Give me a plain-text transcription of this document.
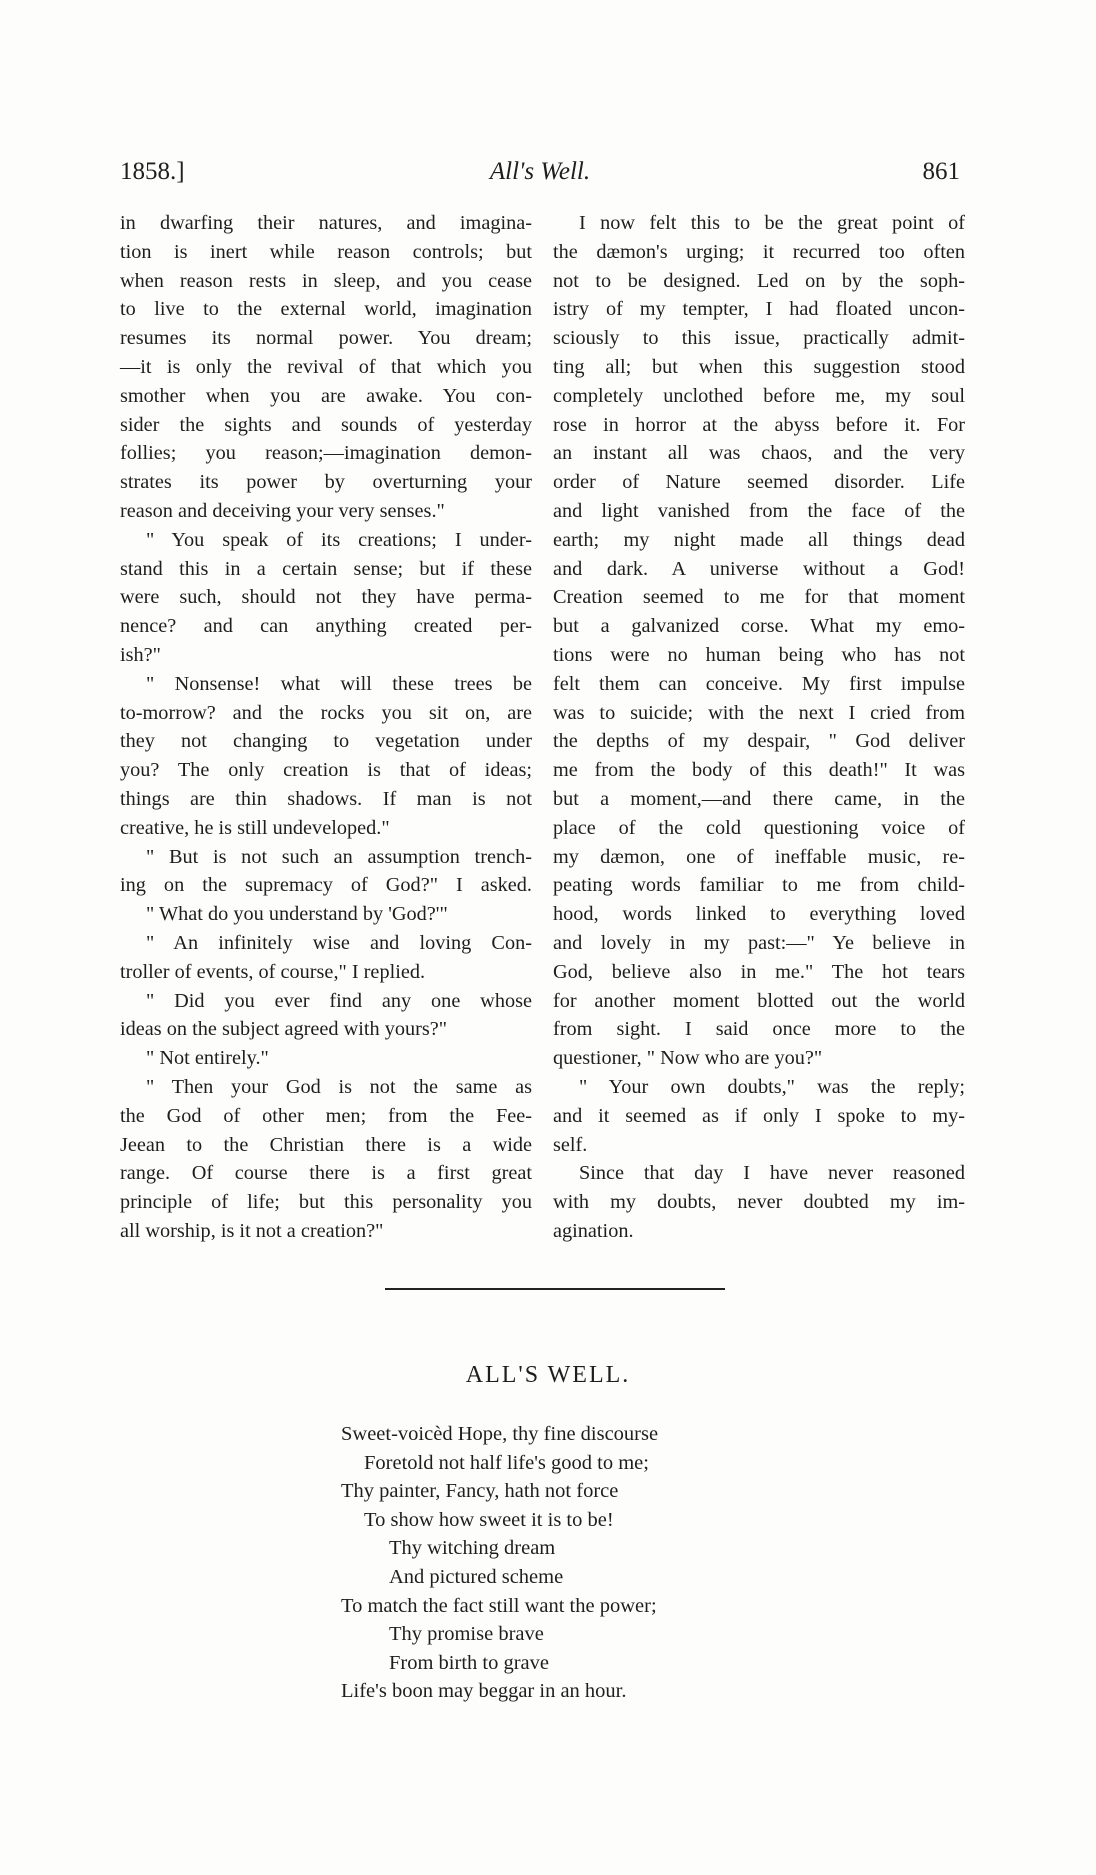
1858.]	All's Well.	861
in dwarfing their natures, and imagina-
tion is inert while reason controls; but
when reason rests in sleep, and you cease
to live to the external world, imagination
resumes its normal power. You dream;
—it is only the revival of that which you
smother when you are awake. You con-
sider the sights and sounds of yesterday
follies; you reason;—imagination demon-
strates its power by overturning your
reason and deceiving your very senses."
" You speak of its creations; I under-
stand this in a certain sense; but if these
were such, should not they have perma-
nence? and can anything created per-
ish?"
" Nonsense! what will these trees be
to-morrow? and the rocks you sit on, are
they not changing to vegetation under
you? The only creation is that of ideas;
things are thin shadows. If man is not
creative, he is still undeveloped."
" But is not such an assumption trench-
ing on the supremacy of God?" I asked.
" What do you understand by 'God?'"
" An infinitely wise and loving Con-
troller of events, of course," I replied.
" Did you ever find any one whose
ideas on the subject agreed with yours?"
" Not entirely."
" Then your God is not the same as
the God of other men; from the Fee-
Jeean to the Christian there is a wide
range. Of course there is a first great
principle of life; but this personality you
all worship, is it not a creation?"
I now felt this to be the great point of
the dæmon's urging; it recurred too often
not to be designed. Led on by the soph-
istry of my tempter, I had floated uncon-
sciously to this issue, practically admit-
ting all; but when this suggestion stood
completely unclothed before me, my soul
rose in horror at the abyss before it. For
an instant all was chaos, and the very
order of Nature seemed disorder. Life
and light vanished from the face of the
earth; my night made all things dead
and dark. A universe without a God!
Creation seemed to me for that moment
but a galvanized corse. What my emo-
tions were no human being who has not
felt them can conceive. My first impulse
was to suicide; with the next I cried from
the depths of my despair, " God deliver
me from the body of this death!" It was
but a moment,—and there came, in the
place of the cold questioning voice of
my dæmon, one of ineffable music, re-
peating words familiar to me from child-
hood, words linked to everything loved
and lovely in my past:—" Ye believe in
God, believe also in me." The hot tears
for another moment blotted out the world
from sight. I said once more to the
questioner, " Now who are you?"
" Your own doubts," was the reply;
and it seemed as if only I spoke to my-
self.
Since that day I have never reasoned
with my doubts, never doubted my im-
agination.
ALL'S WELL.
Sweet-voicèd Hope, thy fine discourse
Foretold not half life's good to me;
Thy painter, Fancy, hath not force
To show how sweet it is to be!
Thy witching dream
And pictured scheme
To match the fact still want the power;
Thy promise brave
From birth to grave
Life's boon may beggar in an hour.
